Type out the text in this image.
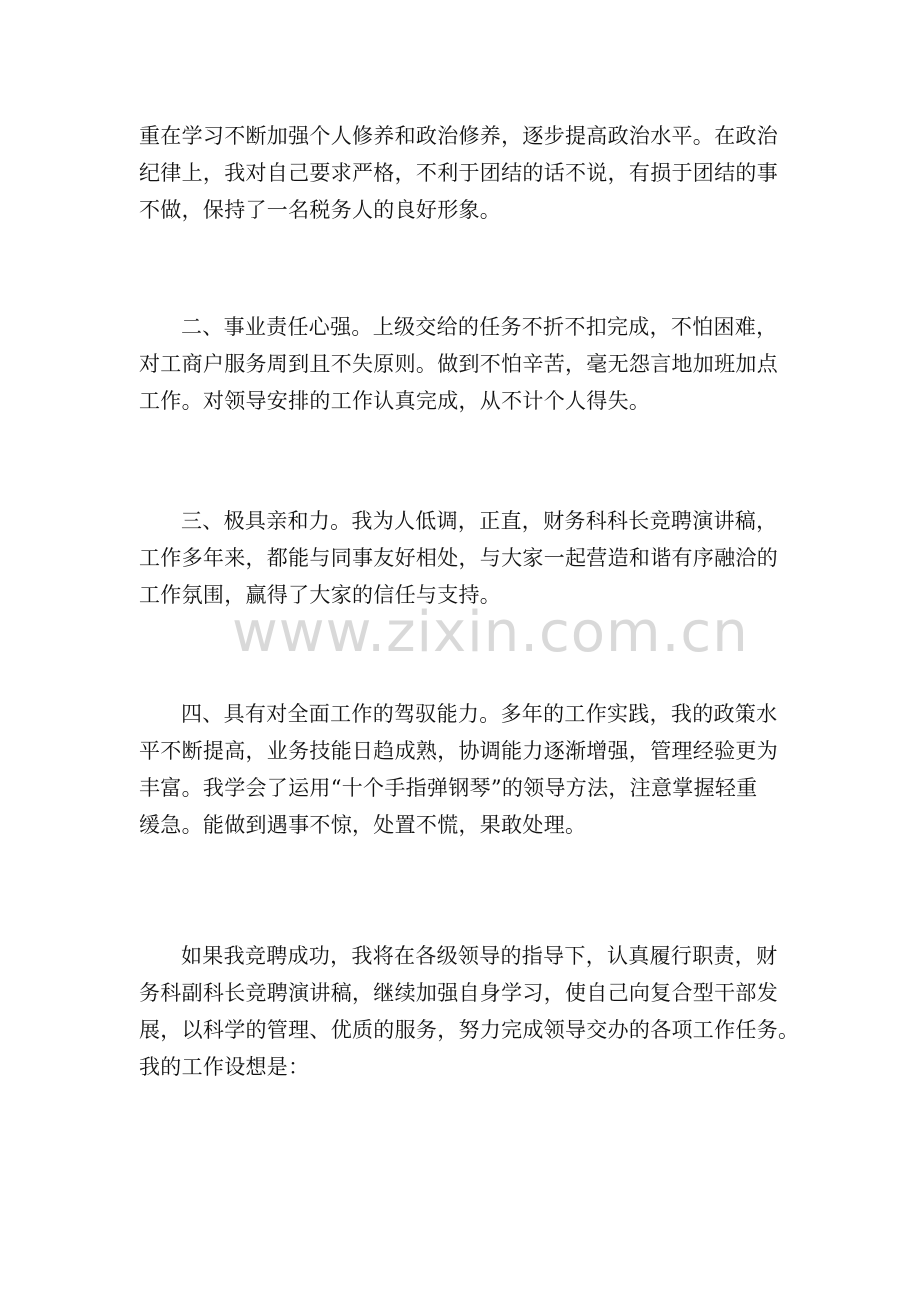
重在学习不断加强个人修养和政治修养，逐步提高政治水平。在政治
纪律上，我对自己要求严格，不利于团结的话不说，有损于团结的事
不做，保持了一名税务人的良好形象。
二、事业责任心强。上级交给的任务不折不扣完成，不怕困难，
对工商户服务周到且不失原则。做到不怕辛苦，毫无怨言地加班加点
工作。对领导安排的工作认真完成，从不计个人得失。
三、极具亲和力。我为人低调，正直，财务科科长竞聘演讲稿，
工作多年来，都能与同事友好相处，与大家一起营造和谐有序融洽的
工作氛围，赢得了大家的信任与支持。
四、具有对全面工作的驾驭能力。多年的工作实践，我的政策水
平不断提高，业务技能日趋成熟，协调能力逐渐增强，管理经验更为
丰富。我学会了运用“十个手指弹钢琴”的领导方法，注意掌握轻重
缓急。能做到遇事不惊，处置不慌，果敢处理。
如果我竞聘成功，我将在各级领导的指导下，认真履行职责，财
务科副科长竞聘演讲稿，继续加强自身学习，使自己向复合型干部发
展，以科学的管理、优质的服务，努力完成领导交办的各项工作任务。
我的工作设想是：
www.zixin.com.cn
